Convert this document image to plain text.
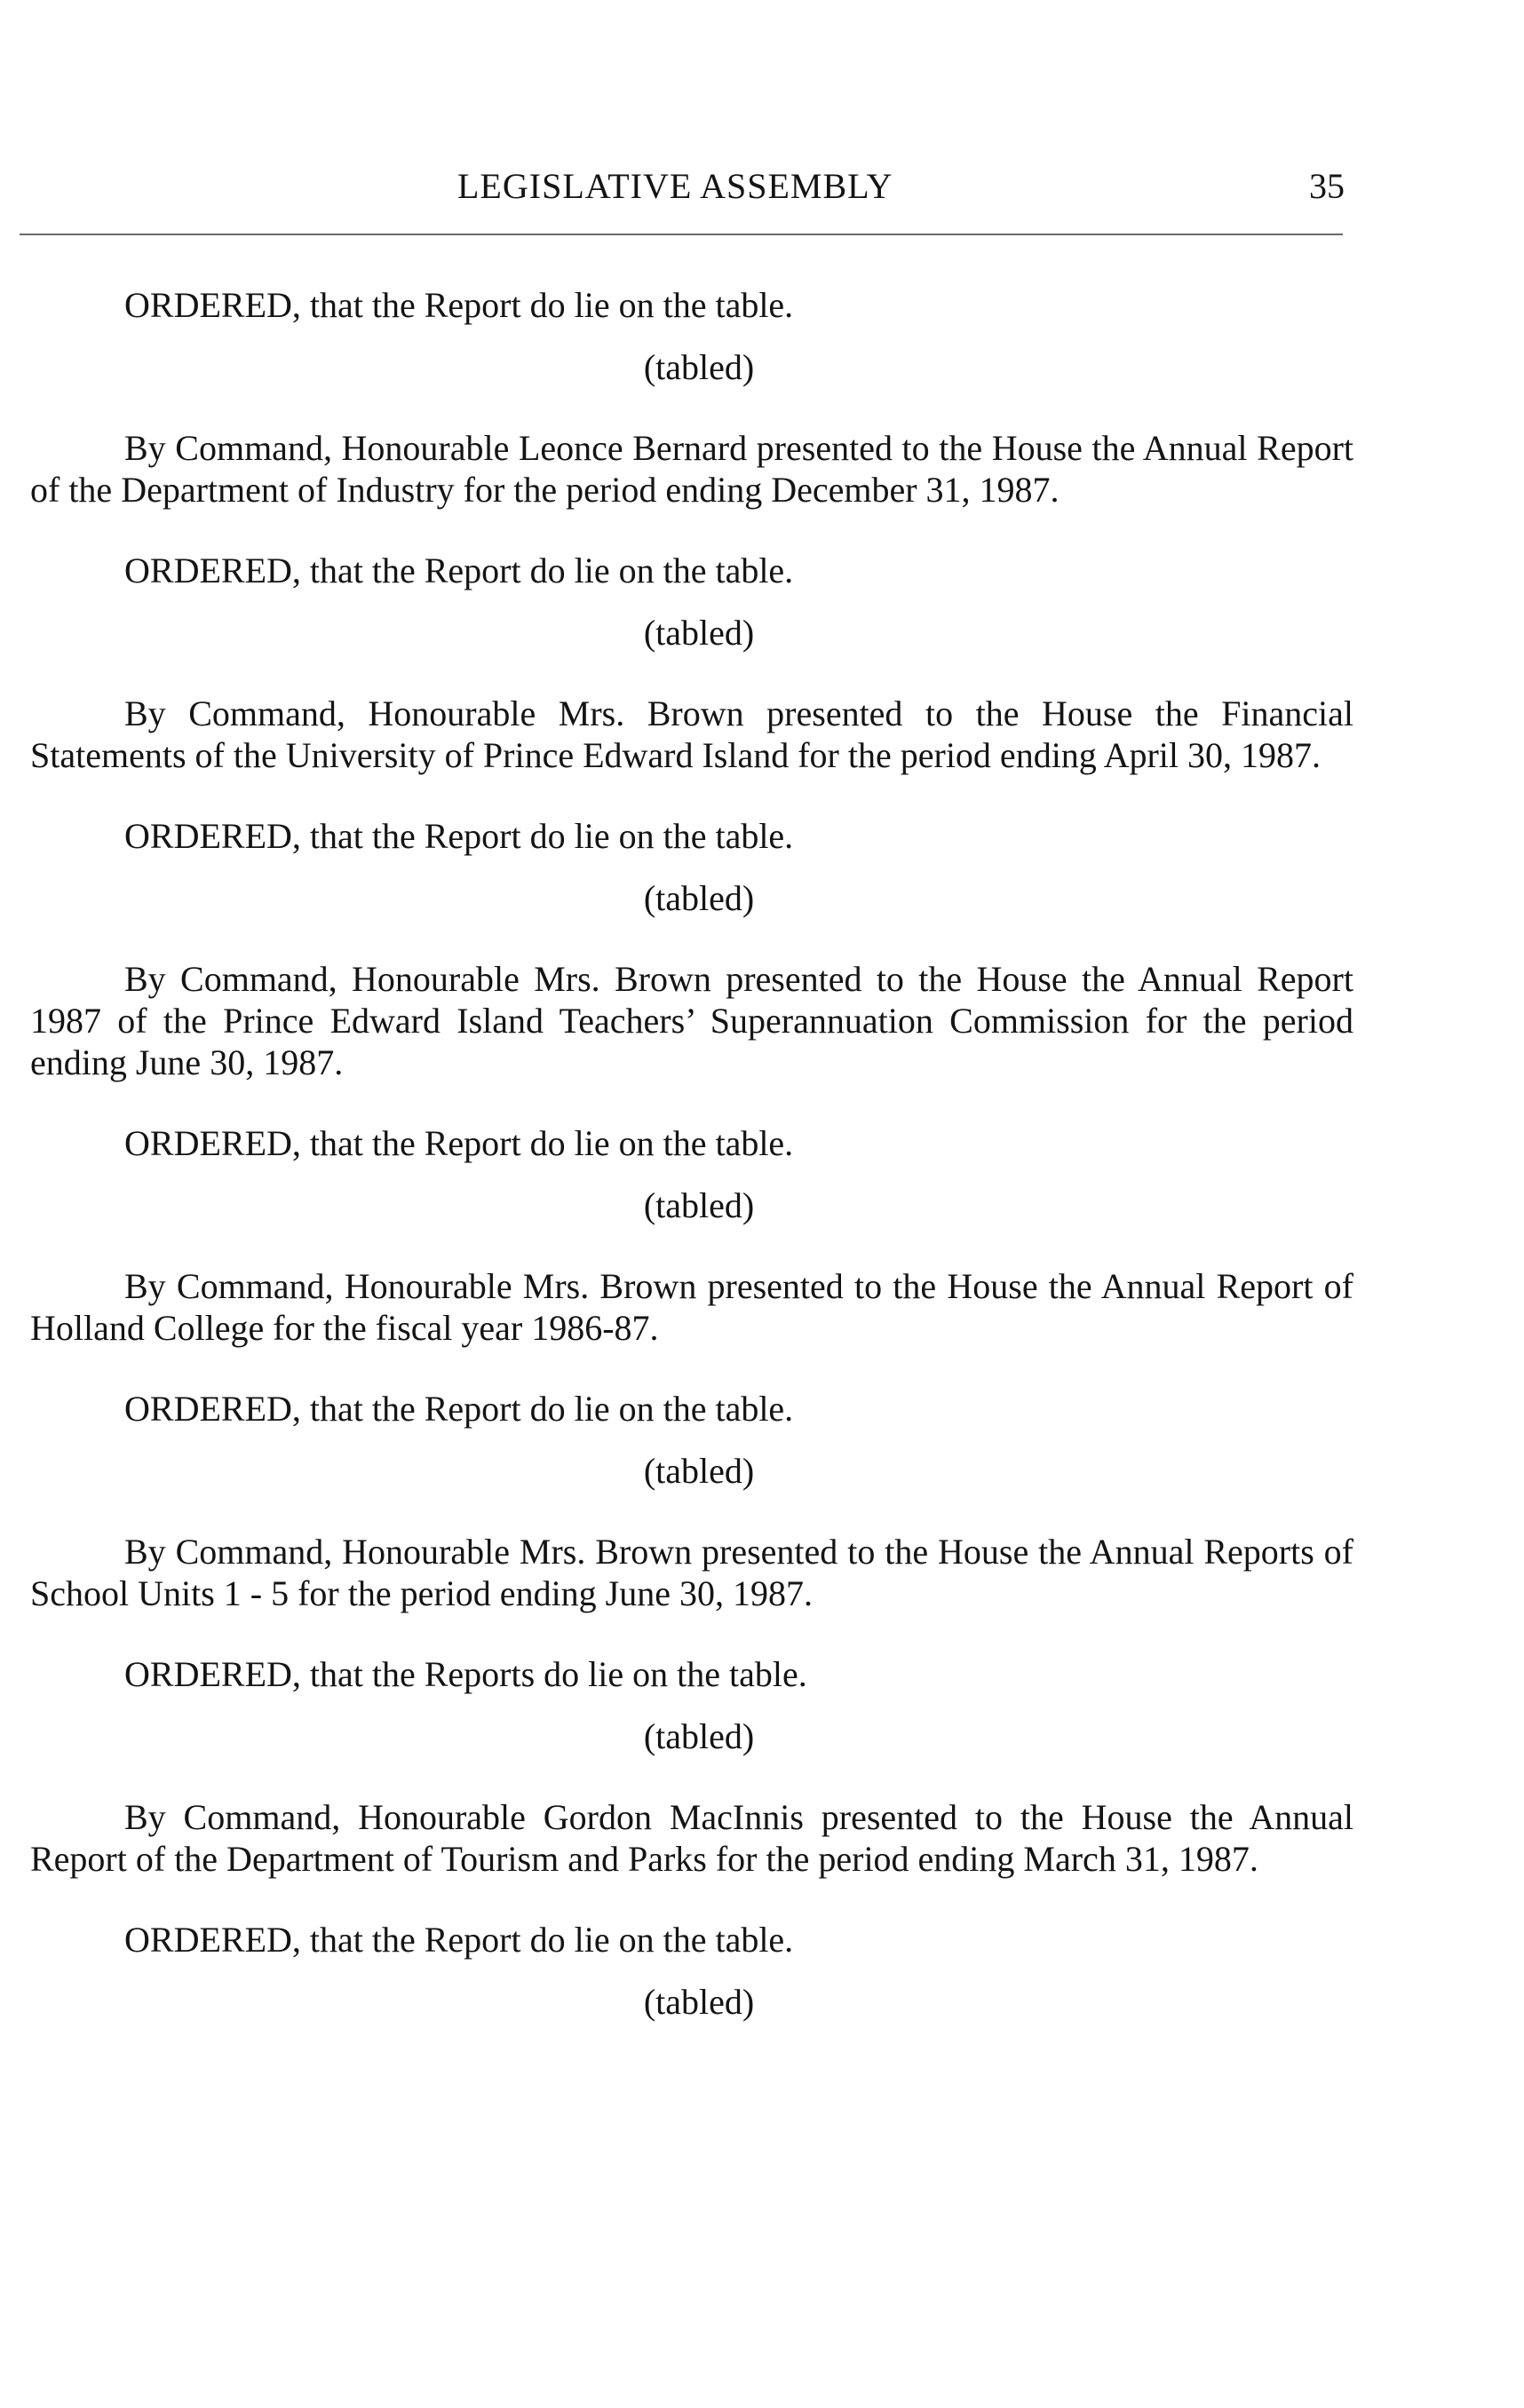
LEGISLATIVE ASSEMBLY	35

ORDERED, that the Report do lie on the table.

(tabled)

By Command, Honourable Leonce Bernard presented to the House the Annual Report of the Department of Industry for the period ending December 31, 1987.

ORDERED, that the Report do lie on the table.

(tabled)

By Command, Honourable Mrs. Brown presented to the House the Financial Statements of the University of Prince Edward Island for the period ending April 30, 1987.

ORDERED, that the Report do lie on the table.

(tabled)

By Command, Honourable Mrs. Brown presented to the House the Annual Report 1987 of the Prince Edward Island Teachers’ Superannuation Commission for the period ending June 30, 1987.

ORDERED, that the Report do lie on the table.

(tabled)

By Command, Honourable Mrs. Brown presented to the House the Annual Report of Holland College for the fiscal year 1986-87.

ORDERED, that the Report do lie on the table.

(tabled)

By Command, Honourable Mrs. Brown presented to the House the Annual Reports of School Units 1 - 5 for the period ending June 30, 1987.

ORDERED, that the Reports do lie on the table.

(tabled)

By Command, Honourable Gordon MacInnis presented to the House the Annual Report of the Department of Tourism and Parks for the period ending March 31, 1987.

ORDERED, that the Report do lie on the table.

(tabled)
